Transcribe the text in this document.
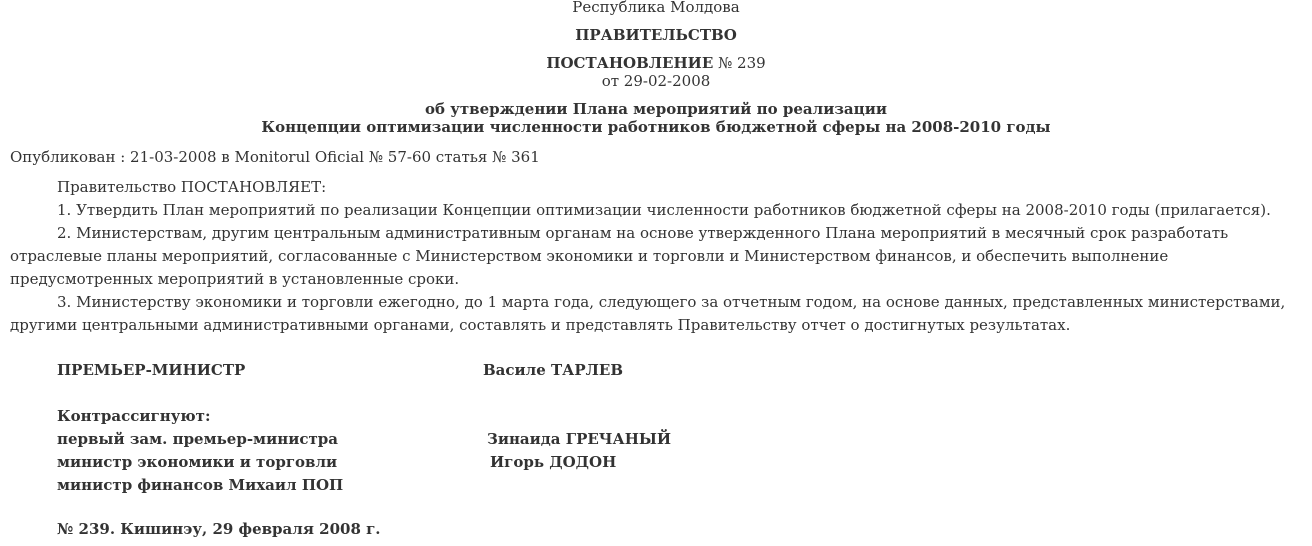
Республика Молдова
ПРАВИТЕЛЬСТВО
ПОСТАНОВЛЕНИЕ № 239
от 29-02-2008
об утверждении Плана мероприятий по реализации
Концепции оптимизации численности работников бюджетной сферы на 2008-2010 годы
Опубликован : 21-03-2008 в Monitorul Oficial № 57-60 статья № 361
Правительство ПОСТАНОВЛЯЕТ:
1. Утвердить План мероприятий по реализации Концепции оптимизации численности работников бюджетной сферы на 2008-2010 годы (прилагается).
2. Министерствам, другим центральным административным органам на основе утвержденного Плана мероприятий в месячный срок разработать отраслевые планы мероприятий, согласованные с Министерством экономики и торговли и Министерством финансов, и обеспечить выполнение предусмотренных мероприятий в установленные сроки.
3. Министерству экономики и торговли ежегодно, до 1 марта года, следующего за отчетным годом, на основе данных, представленных министерствами, другими центральными административными органами, составлять и представлять Правительству отчет о достигнутых результатах.
ПРЕМЬЕР-МИНИСТР	Василе ТАРЛЕВ
Контрассигнуют:
первый зам. премьер-министра	Зинаида ГРЕЧАНЫЙ
министр экономики и торговли	Игорь ДОДОН
министр финансов Михаил ПОП
№ 239. Кишинэу, 29 февраля 2008 г.
